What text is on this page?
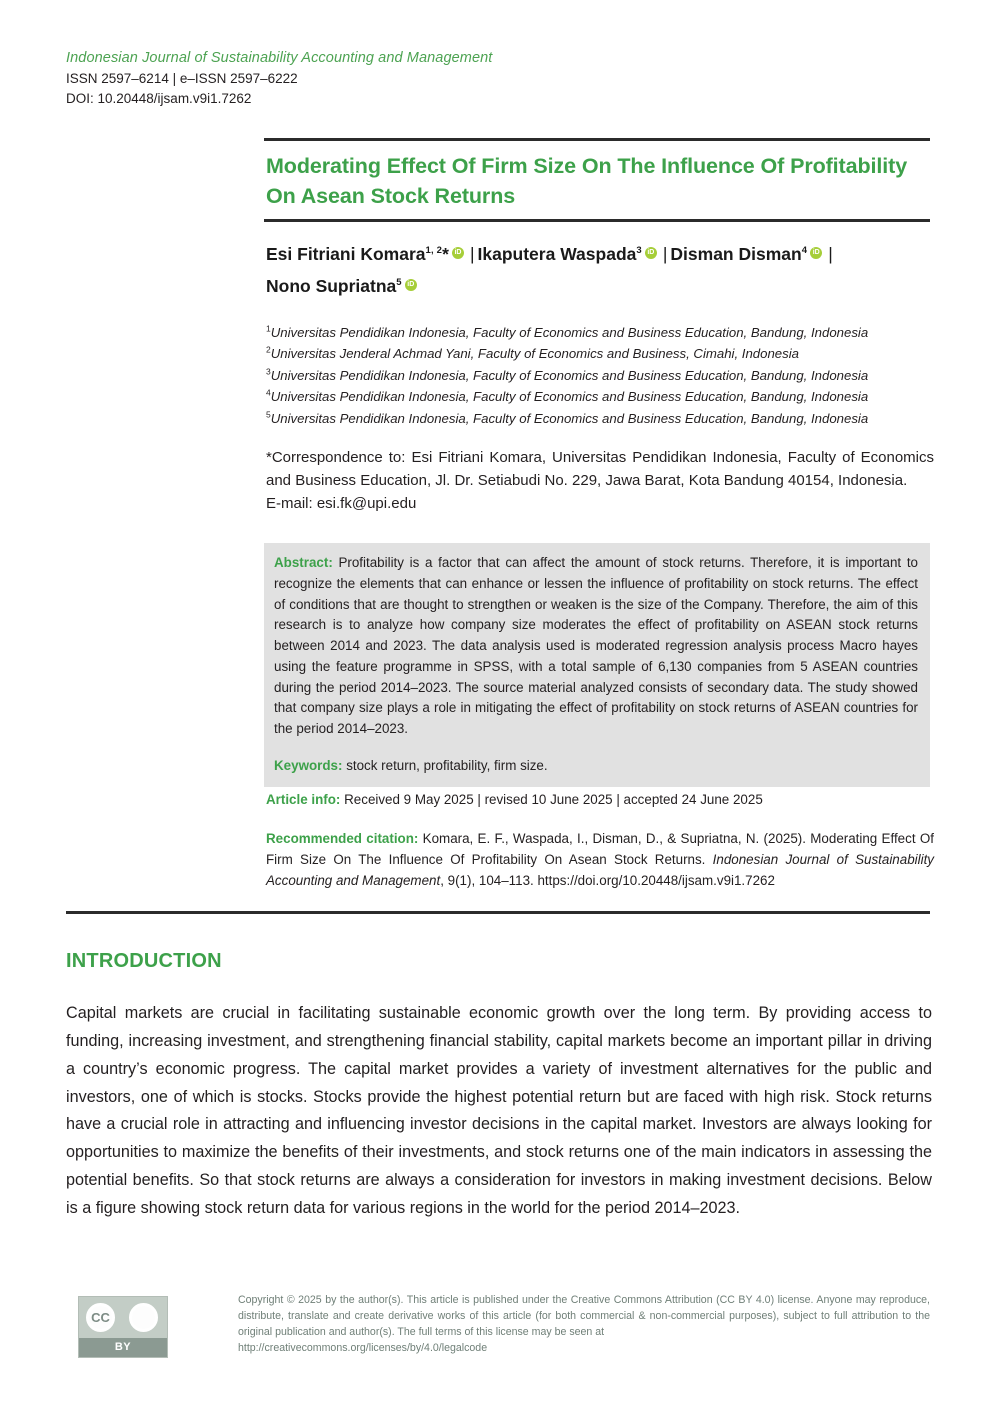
Indonesian Journal of Sustainability Accounting and Management
ISSN 2597–6214 | e–ISSN 2597–6222
DOI: 10.20448/ijsam.v9i1.7262
Moderating Effect Of Firm Size On The Influence Of Profitability On Asean Stock Returns
Esi Fitriani Komara$^{1, 2}$* iD | Ikaputera Waspada$^3$ iD | Disman Disman$^4$iD |
Nono Supriatna$^5$iD
$^1$Universitas Pendidikan Indonesia, Faculty of Economics and Business Education, Bandung, Indonesia
$^2$Universitas Jenderal Achmad Yani, Faculty of Economics and Business, Cimahi, Indonesia
$^3$Universitas Pendidikan Indonesia, Faculty of Economics and Business Education, Bandung, Indonesia
$^4$Universitas Pendidikan Indonesia, Faculty of Economics and Business Education, Bandung, Indonesia
$^5$Universitas Pendidikan Indonesia, Faculty of Economics and Business Education, Bandung, Indonesia
*Correspondence to: Esi Fitriani Komara, Universitas Pendidikan Indonesia, Faculty of Economics and Business Education, Jl. Dr. Setiabudi No. 229, Jawa Barat, Kota Bandung 40154, Indonesia.
E-mail: esi.fk@upi.edu
Abstract: Profitability is a factor that can affect the amount of stock returns. Therefore, it is important to recognize the elements that can enhance or lessen the influence of profitability on stock returns. The effect of conditions that are thought to strengthen or weaken is the size of the Company. Therefore, the aim of this research is to analyze how company size moderates the effect of profitability on ASEAN stock returns between 2014 and 2023. The data analysis used is moderated regression analysis process Macro hayes using the feature programme in SPSS, with a total sample of 6,130 companies from 5 ASEAN countries during the period 2014–2023. The source material analyzed consists of secondary data. The study showed that company size plays a role in mitigating the effect of profitability on stock returns of ASEAN countries for the period 2014–2023.
Keywords: stock return, profitability, firm size.
Article info: Received 9 May 2025 | revised 10 June 2025 | accepted 24 June 2025
Recommended citation: Komara, E. F., Waspada, I., Disman, D., & Supriatna, N. (2025). Moderating Effect Of Firm Size On The Influence Of Profitability On Asean Stock Returns. Indonesian Journal of Sustainability Accounting and Management, 9(1), 104–113. https://doi.org/10.20448/ijsam.v9i1.7262
INTRODUCTION
Capital markets are crucial in facilitating sustainable economic growth over the long term. By providing access to funding, increasing investment, and strengthening financial stability, capital markets become an important pillar in driving a country’s economic progress. The capital market provides a variety of investment alternatives for the public and investors, one of which is stocks. Stocks provide the highest potential return but are faced with high risk. Stock returns have a crucial role in attracting and influencing investor decisions in the capital market. Investors are always looking for opportunities to maximize the benefits of their investments, and stock returns one of the main indicators in assessing the potential benefits. So that stock returns are always a consideration for investors in making investment decisions. Below is a figure showing stock return data for various regions in the world for the period 2014–2023.
CC
BY
Copyright © 2025 by the author(s). This article is published under the Creative Commons Attribution (CC BY 4.0) license. Anyone may reproduce, distribute, translate and create derivative works of this article (for both commercial & non-commercial purposes), subject to full attribution to the original publication and author(s). The full terms of this license may be seen at
http://creativecommons.org/licenses/by/4.0/legalcode
